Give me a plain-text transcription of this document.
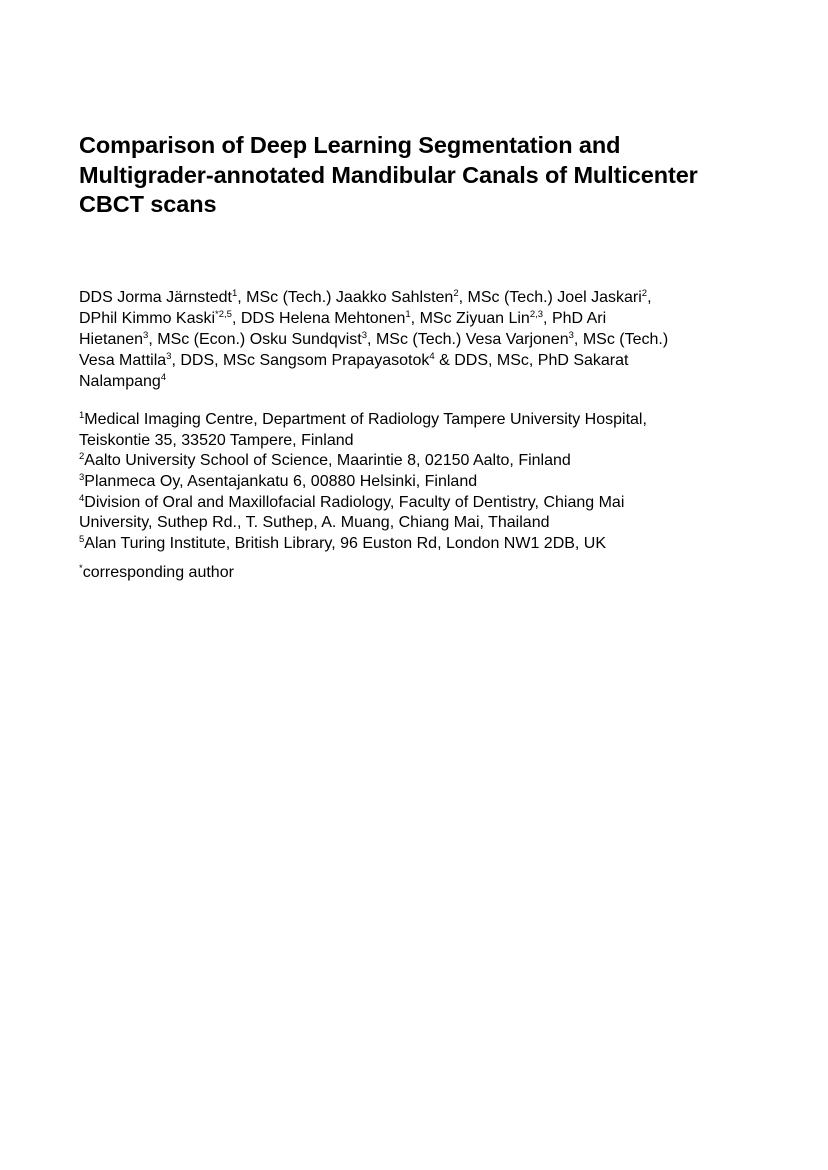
Comparison of Deep Learning Segmentation and
Multigrader-annotated Mandibular Canals of Multicenter
CBCT scans
DDS Jorma Järnstedt$^1$, MSc (Tech.) Jaakko Sahlsten$^2$, MSc (Tech.) Joel Jaskari$^2$,
DPhil Kimmo Kaski$^{*2,5}$, DDS Helena Mehtonen$^1$, MSc Ziyuan Lin$^{2,3}$, PhD Ari
Hietanen$^3$, MSc (Econ.) Osku Sundqvist$^3$, MSc (Tech.) Vesa Varjonen$^3$, MSc (Tech.)
Vesa Mattila$^3$, DDS, MSc Sangsom Prapayasotok$^4$ & DDS, MSc, PhD Sakarat
Nalampang$^4$
$^1$Medical Imaging Centre, Department of Radiology Tampere University Hospital,
Teiskontie 35, 33520 Tampere, Finland
$^2$Aalto University School of Science, Maarintie 8, 02150 Aalto, Finland
$^3$Planmeca Oy, Asentajankatu 6, 00880 Helsinki, Finland
$^4$Division of Oral and Maxillofacial Radiology, Faculty of Dentistry, Chiang Mai
University, Suthep Rd., T. Suthep, A. Muang, Chiang Mai, Thailand
$^5$Alan Turing Institute, British Library, 96 Euston Rd, London NW1 2DB, UK
*corresponding author
